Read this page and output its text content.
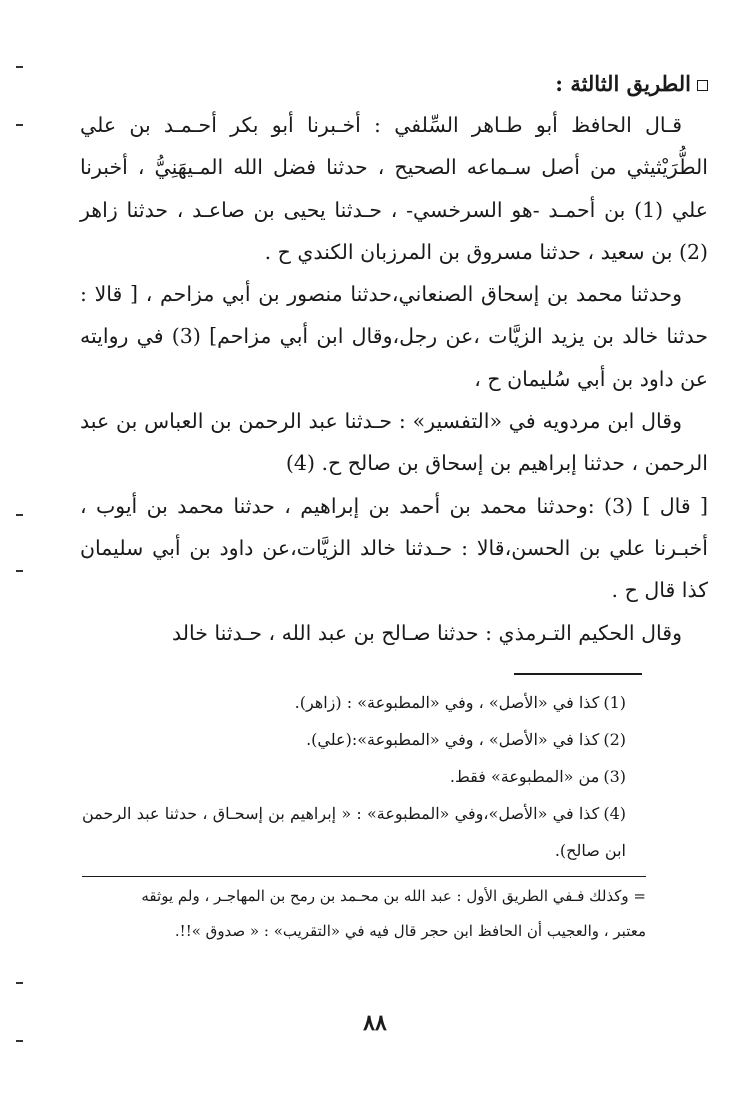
الطريق الثالثة :

قـال الحافظ أبو طـاهر السِّلفي : أخـبرنا أبو بكر أحـمـد بن علي الطُّرَيْثيثي من أصل سـماعه الصحيح ، حدثنا فضل الله المـيهَنِيُّ ، أخبرنا علي (1) بن أحمـد -هو السرخسي- ، حـدثنا يحيى بن صاعـد ، حدثنا زاهر (2) بن سعيد ، حدثنا مسروق بن المرزبان الكندي ح .

وحدثنا محمد بن إسحاق الصنعاني،حدثنا منصور بن أبي مزاحم ، [ قالا : حدثنا خالد بن يزيد الزيَّات ،عن رجل،وقال ابن أبي مزاحم] (3) في روايته عن داود بن أبي سُليمان ح ،

وقال ابن مردويه في «التفسير» : حـدثنا عبد الرحمن بن العباس بن عبد الرحمن ، حدثنا إبراهيم بن إسحاق بن صالح ح. (4)

[ قال ] (3) :وحدثنا محمد بن أحمد بن إبراهيم ، حدثنا محمد بن أيوب ، أخبـرنا علي بن الحسن،قالا : حـدثنا خالد الزيَّات،عن داود بن أبي سليمان كذا قال ح .

وقال الحكيم التـرمذي : حدثنا صـالح بن عبد الله ، حـدثنا خالد

(1)كذا في «الأصل» ، وفي «المطبوعة» : (زاهر).

(2)كذا في «الأصل» ، وفي «المطبوعة»:(علي).

(3)من «المطبوعة» فقط.

(4)كذا في «الأصل»،وفي «المطبوعة» : « إبراهيم بن إسحـاق ، حدثنا عبد الرحمن ابن صالح).

= وكذلك فـفي الطريق الأول : عبد الله بن محـمد بن رمح بن المهاجـر ، ولم يوثقه

معتبر ، والعجيب أن الحافظ ابن حجر قال فيه في «التقريب» : « صدوق »!!.

٨٨
